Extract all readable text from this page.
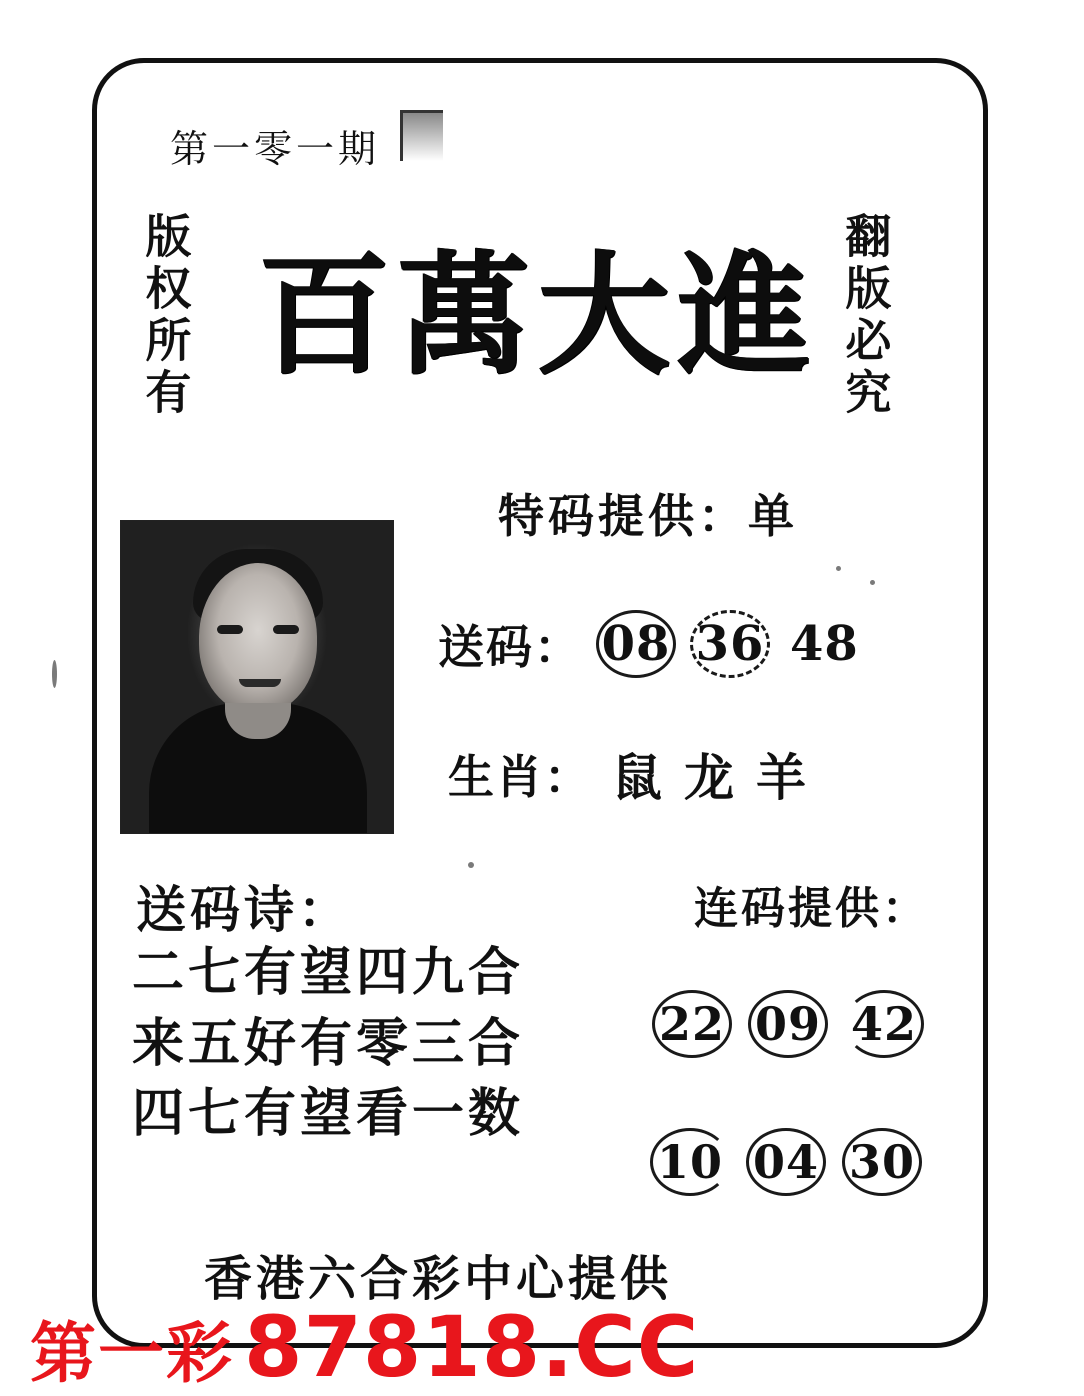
第一零一期
版权所有	翻版必究
百萬大進
特码提供：单
送码： 08 36 48
生肖： 鼠 龙 羊
送码诗：
二七有望四九合
来五好有零三合
四七有望看一数
连码提供：
22 09 42
10 04 30
香港六合彩中心提供
第一彩 87818.CC
